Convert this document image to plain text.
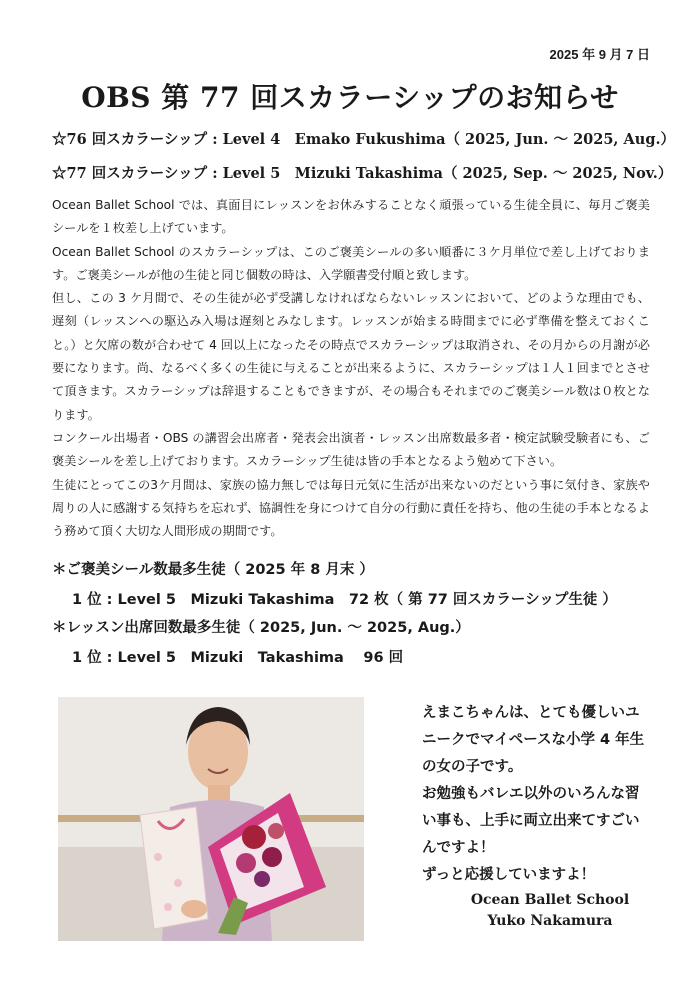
2025 年 9 月 7 日
OBS 第 77 回スカラーシップのお知らせ
☆76 回スカラーシップ : Level 4　Emako Fukushima（ 2025, Jun. 〜 2025, Aug.）
☆77 回スカラーシップ : Level 5　Mizuki Takashima（ 2025, Sep. 〜 2025, Nov.）

Ocean Ballet School では、真面目にレッスンをお休みすることなく頑張っている生徒全員に、毎月ご褒美シールを１枚差し上げています。

Ocean Ballet School のスカラーシップは、このご褒美シールの多い順番に３ケ月単位で差し上げております。ご褒美シールが他の生徒と同じ個数の時は、入学願書受付順と致します。

但し、この 3 ケ月間で、その生徒が必ず受講しなければならないレッスンにおいて、どのような理由でも、遅刻（レッスンへの駆込み入場は遅刻とみなします。レッスンが始まる時間までに必ず準備を整えておくこと。）と欠席の数が合わせて 4 回以上になったその時点でスカラーシップは取消され、その月からの月謝が必要になります。尚、なるべく多くの生徒に与えることが出来るように、スカラーシップは１人１回までとさせて頂きます。スカラーシップは辞退することもできますが、その場合もそれまでのご褒美シール数は０枚となります。

コンクール出場者・OBS の講習会出席者・発表会出演者・レッスン出席数最多者・検定試験受験者にも、ご褒美シールを差し上げております。スカラーシップ生徒は皆の手本となるよう勉めて下さい。

生徒にとってこの3ケ月間は、家族の協力無しでは毎日元気に生活が出来ないのだという事に気付き、家族や周りの人に感謝する気持ちを忘れず、協調性を身につけて自分の行動に責任を持ち、他の生徒の手本となるよう務めて頂く大切な人間形成の期間です。

＊ご褒美シール数最多生徒（ 2025 年 8 月末 ）
1 位 : Level 5　Mizuki Takashima　72 枚（ 第 77 回スカラーシップ生徒 ）
＊レッスン出席回数最多生徒（ 2025, Jun. 〜 2025, Aug.）
1 位 : Level 5　Mizuki　Takashima　 96 回

えまこちゃんは、とても優しいユ

ニークでマイペースな小学 4 年生

の女の子です。

お勉強もバレエ以外のいろんな習

い事も、上手に両立出来てすごい

んですよ！

ずっと応援していますよ！

Ocean Ballet School
Yuko Nakamura
